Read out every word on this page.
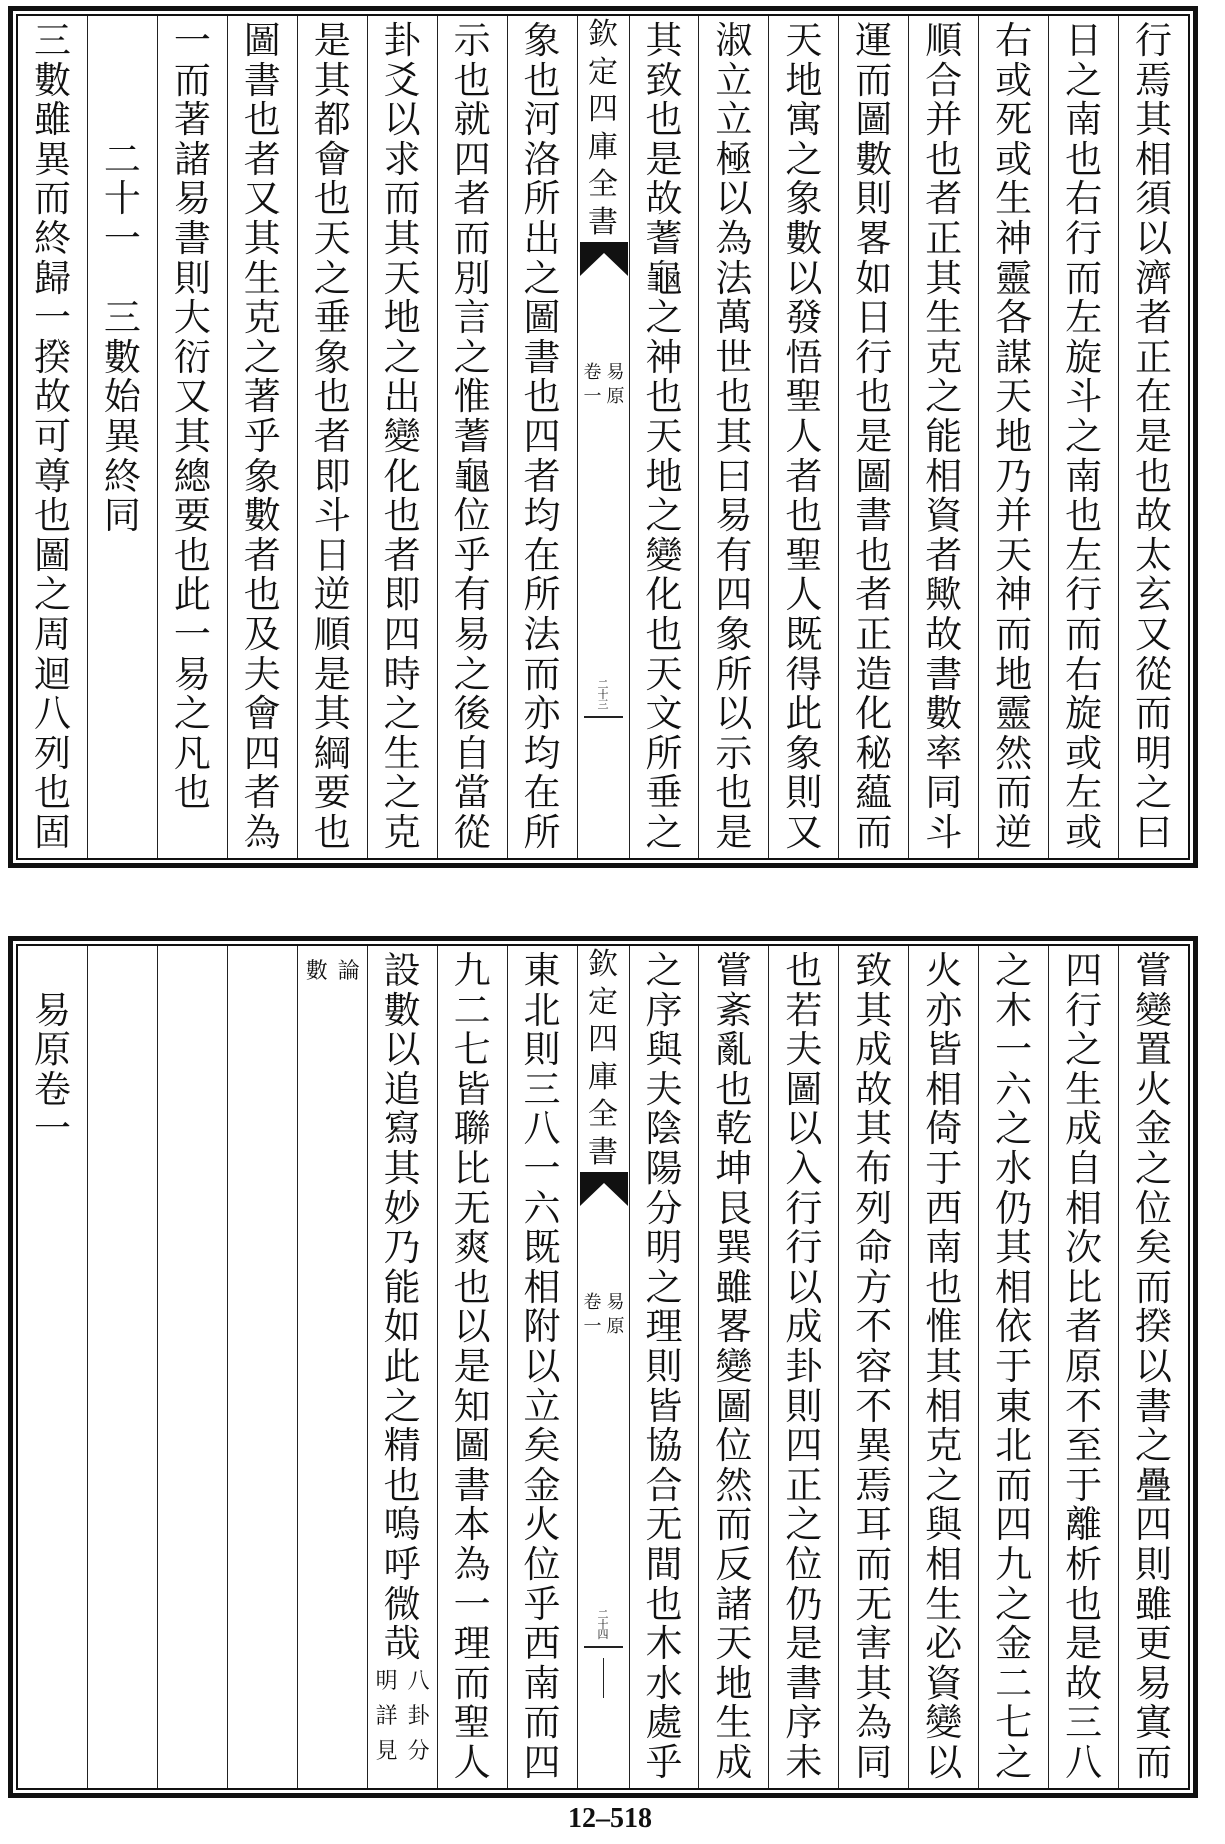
行
焉
其
相
須
以
濟
者
正
在
是
也
故
太
玄
又
從
而
明
之
曰
日
之
南
也
右
行
而
左
旋
斗
之
南
也
左
行
而
右
旋
或
左
或
右
或
死
或
生
神
靈
各
謀
天
地
乃
并
天
神
而
地
靈
然
而
逆
順
合
并
也
者
正
其
生
克
之
能
相
資
者
歟
故
書
數
率
同
斗
運
而
圖
數
則
畧
如
日
行
也
是
圖
書
也
者
正
造
化
秘
藴
而
天
地
寓
之
象
數
以
發
悟
聖
人
者
也
聖
人
既
得
此
象
則
又
淑
立
立
極
以
為
法
萬
世
也
其
曰
易
有
四
象
所
以
示
也
是
其
致
也
是
故
蓍
龜
之
神
也
天
地
之
變
化
也
天
文
所
垂
之
欽
定
四
庫
全
書
易
原
卷
一
二
十
三
象
也
河
洛
所
出
之
圖
書
也
四
者
均
在
所
法
而
亦
均
在
所
示
也
就
四
者
而
別
言
之
惟
蓍
龜
位
乎
有
易
之
後
自
當
從
卦
爻
以
求
而
其
天
地
之
出
變
化
也
者
即
四
時
之
生
之
克
是
其
都
會
也
天
之
垂
象
也
者
即
斗
日
逆
順
是
其
綱
要
也
圖
書
也
者
又
其
生
克
之
著
乎
象
數
者
也
及
夫
會
四
者
為
一
而
著
諸
易
書
則
大
衍
又
其
總
要
也
此
一
易
之
凡
也
二
十
一
三
數
始
異
終
同
三
數
雖
異
而
終
歸
一
揆
故
可
尊
也
圖
之
周
迴
八
列
也
固
嘗
變
置
火
金
之
位
矣
而
揆
以
書
之
疊
四
則
雖
更
易
寘
而
四
行
之
生
成
自
相
次
比
者
原
不
至
于
離
析
也
是
故
三
八
之
木
一
六
之
水
仍
其
相
依
于
東
北
而
四
九
之
金
二
七
之
火
亦
皆
相
倚
于
西
南
也
惟
其
相
克
之
與
相
生
必
資
變
以
致
其
成
故
其
布
列
命
方
不
容
不
異
焉
耳
而
无
害
其
為
同
也
若
夫
圖
以
入
行
行
以
成
卦
則
四
正
之
位
仍
是
書
序
未
嘗
紊
亂
也
乾
坤
艮
巽
雖
畧
變
圖
位
然
而
反
諸
天
地
生
成
之
序
與
夫
陰
陽
分
明
之
理
則
皆
協
合
无
間
也
木
水
處
乎
欽
定
四
庫
全
書
易
原
卷
一
二
十
四
東
北
則
三
八
一
六
既
相
附
以
立
矣
金
火
位
乎
西
南
而
四
九
二
七
皆
聯
比
无
爽
也
以
是
知
圖
書
本
為
一
理
而
聖
人
設
數
以
追
寫
其
妙
乃
能
如
此
之
精
也
嗚
呼
微
哉
八
卦
分
明
詳
見
論
數
易
原
卷
一
12–518
